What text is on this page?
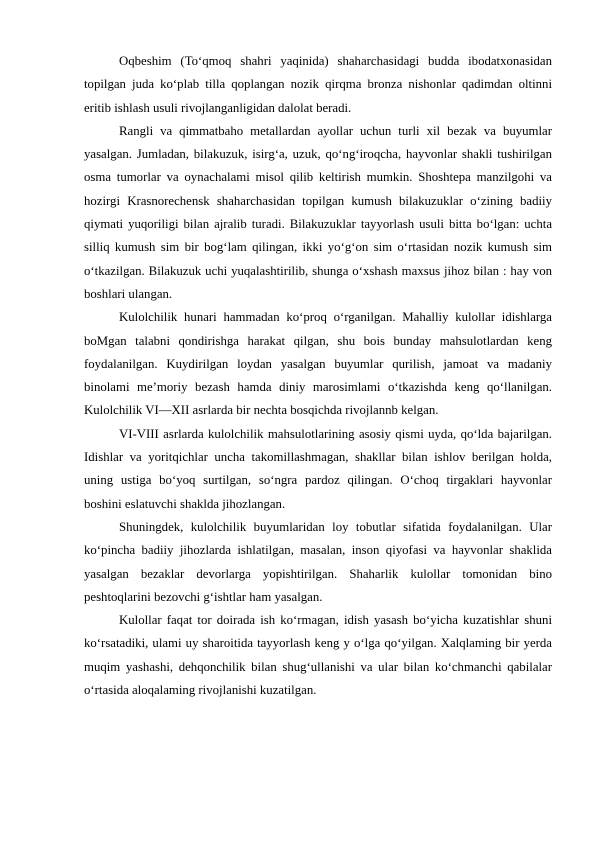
Oqbeshim (To‘qmoq shahri yaqinida) shaharchasidagi budda ibodatxonasidan topilgan juda ko‘plab tilla qoplangan nozik qirqma bronza nishonlar qadimdan oltinni eritib ishlash usuli rivojlanganligidan dalolat beradi.

Rangli va qimmatbaho metallardan ayollar uchun turli xil bezak va buyumlar yasalgan. Jumladan, bilakuzuk, isirg‘a, uzuk, qo‘ng‘iroqcha, hayvonlar shakli tushirilgan osma tumorlar va oynachalami misol qilib keltirish mumkin. Shoshtepa manzilgohi va hozirgi Krasnorechensk shaharchasidan topilgan kumush bilakuzuklar o‘zining badiiy qiymati yuqoriligi bilan ajralib turadi. Bilakuzuklar tayyorlash usuli bitta bo‘lgan: uchta silliq kumush sim bir bog‘lam qilingan, ikki yo‘g‘on sim o‘rtasidan nozik kumush sim o‘tkazilgan. Bilakuzuk uchi yuqalashtirilib, shunga o‘xshash maxsus jihoz bilan : hay von boshlari ulangan.

Kulolchilik hunari hammadan ko‘proq o‘rganilgan. Mahalliy kulollar idishlarga boMgan talabni qondirishga harakat qilgan, shu bois bunday mahsulotlardan keng foydalanilgan. Kuydirilgan loydan yasalgan buyumlar qurilish, jamoat va madaniy binolami me’moriy bezash hamda diniy marosimlami o‘tkazishda keng qo‘llanilgan. Kulolchilik VI—XII asrlarda bir nechta bosqichda rivojlannb kelgan.

VI-VIII asrlarda kulolchilik mahsulotlarining asosiy qismi uyda, qo‘lda bajarilgan. Idishlar va yoritqichlar uncha takomillashmagan, shakllar bilan ishlov berilgan holda, uning ustiga bo‘yoq surtilgan, so‘ngra pardoz qilingan. O‘choq tirgaklari hayvonlar boshini eslatuvchi shaklda jihozlangan.

Shuningdek, kulolchilik buyumlaridan loy tobutlar sifatida foydalanilgan. Ular ko‘pincha badiiy jihozlarda ishlatilgan, masalan, inson qiyofasi va hayvonlar shaklida yasalgan bezaklar devorlarga yopishtirilgan. Shaharlik kulollar tomonidan bino peshtoqlarini bezovchi g‘ishtlar ham yasalgan.

Kulollar faqat tor doirada ish ko‘rmagan, idish yasash bo‘yicha kuzatishlar shuni ko‘rsatadiki, ulami uy sharoitida tayyorlash keng y o‘lga qo‘yilgan. Xalqlaming bir yerda muqim yashashi, dehqonchilik bilan shug‘ullanishi va ular bilan ko‘chmanchi qabilalar o‘rtasida aloqalaming rivojlanishi kuzatilgan.
